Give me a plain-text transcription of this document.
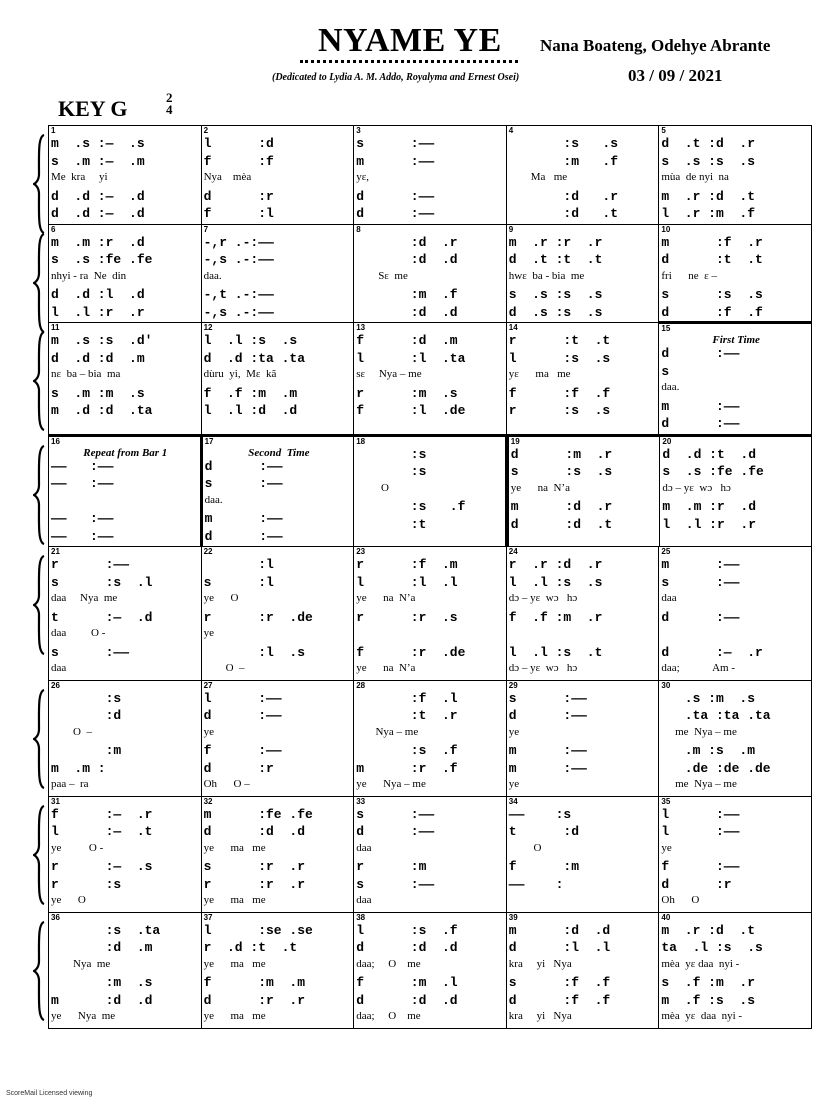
NYAME YE Nana Boateng, Odehye Abrante
(Dedicated to Lydia A. M. Addo, Royalyma and Ernest Osei)	03 / 09 / 2021
KEY G	2
4
1
m  .s :—  .s
s  .m :—  .m
Me  kra     yi
d  .d :—  .d
d  .d :—  .d
2
l      :d
f      :f
Nya    mèa
d      :r
f      :l
3
s      :——
m      :——
yɛ,
d      :——
d      :——
4
:s   .s
:m   .f
Ma   me
:d   .r
:d   .t
5
d  .t :d  .r
s  .s :s  .s
mùa  de nyi  na
m  .r :d  .t
l  .r :m  .f
6
m  .m :r  .d
s  .s :fe .fe
nhyi - ra  Ne  din
d  .d :l  .d
l  .l :r  .r
7
-,r .-:——
-,s .-:——
daa.
-,t .-:——
-,s .-:——
8
:d  .r
:d  .d
Sɛ  me
:m  .f
:d  .d
9
m  .r :r  .r
d  .t :t  .t
hwɛ  ba - bia  me
s  .s :s  .s
d  .s :s  .s
10
m      :f  .r
d      :t  .t
fri      ne  ɛ –
s      :s  .s
d      :f  .f
11
m  .s :s  .d'
d  .d :d  .m
nɛ  ba – bia  ma
s  .m :m  .s
m  .d :d  .ta
12
l  .l :s  .s
d  .d :ta .ta
dùru  yi,  Mɛ  kã
f  .f :m  .m
l  .l :d  .d
13
f      :d  .m
l      :l  .ta
sɛ     Nya – me
r      :m  .s
f      :l  .de
14
r      :t  .t
l      :s  .s
yɛ      ma   me
f      :f  .f
r      :s  .s
15
First Time
d      :——
s
daa.
m      :——
d      :——
16
Repeat from Bar 1
——   :——
——   :——
——   :——
——   :——
17
Second  Time
d      :——
s      :——
daa.
m      :——
d      :——
18
:s
:s
O
:s   .f
:t
19
d      :m  .r
s      :s  .s
ye      na  N’a
m      :d  .r
d      :d  .t
20
d  .d :t  .d
s  .s :fe .fe
dɔ – yɛ  wɔ   hɔ
m  .m :r  .d
l  .l :r  .r
21
r      :——
s      :s  .l
daa     Nya  me
t      :—  .d
daa         O -
s      :——
daa
22
:l
s      :l
ye      O
r      :r  .de
ye
:l  .s
O  –
23
r      :f  .m
l      :l  .l
ye      na  N’a
r      :r  .s
f      :r  .de
ye      na  N’a
24
r  .r :d  .r
l  .l :s  .s
dɔ – yɛ  wɔ   hɔ
f  .f :m  .r
l  .l :s  .t
dɔ – yɛ  wɔ   hɔ
25
m      :——
s      :——
daa
d      :——
d      :—  .r
daa;            Am -
26
:s
:d
O  –
:m
m  .m :
paa –  ra
27
l      :——
d      :——
ye
f      :——
d      :r
Oh      O –
28
:f  .l
:t  .r
Nya – me
:s  .f
m      :r  .f
ye      Nya – me
29
s      :——
d      :——
ye
m      :——
m      :——
ye
30
.s :m  .s
.ta :ta .ta
me  Nya – me
.m :s  .m
.de :de .de
me  Nya – me
31
f      :—  .r
l      :—  .t
ye          O -
r      :—  .s
r      :s
ye      O
32
m      :fe .fe
d      :d  .d
ye      ma   me
s      :r  .r
r      :r  .r
ye      ma   me
33
s      :——
d      :——
daa
r      :m
s      :——
daa
34
——    :s
t      :d
O
f      :m
——    :
35
l      :——
l      :——
ye
f      :——
d      :r
Oh      O
36
:s  .ta
:d  .m
Nya  me
:m  .s
m      :d  .d
ye      Nya  me
37
l      :se .se
r  .d :t  .t
ye      ma   me
f      :m  .m
d      :r  .r
ye      ma   me
38
l      :s  .f
d      :d  .d
daa;     O    me
f      :m  .l
d      :d  .d
daa;     O    me
39
m      :d  .d
d      :l  .l
kra     yi   Nya
s      :f  .f
d      :f  .f
kra     yi   Nya
40
m  .r :d  .t
ta  .l :s  .s
mèa  yɛ daa  nyi -
s  .f :m  .r
m  .f :s  .s
mèa  yɛ  daa  nyi -
ScoreMail Licensed viewing
